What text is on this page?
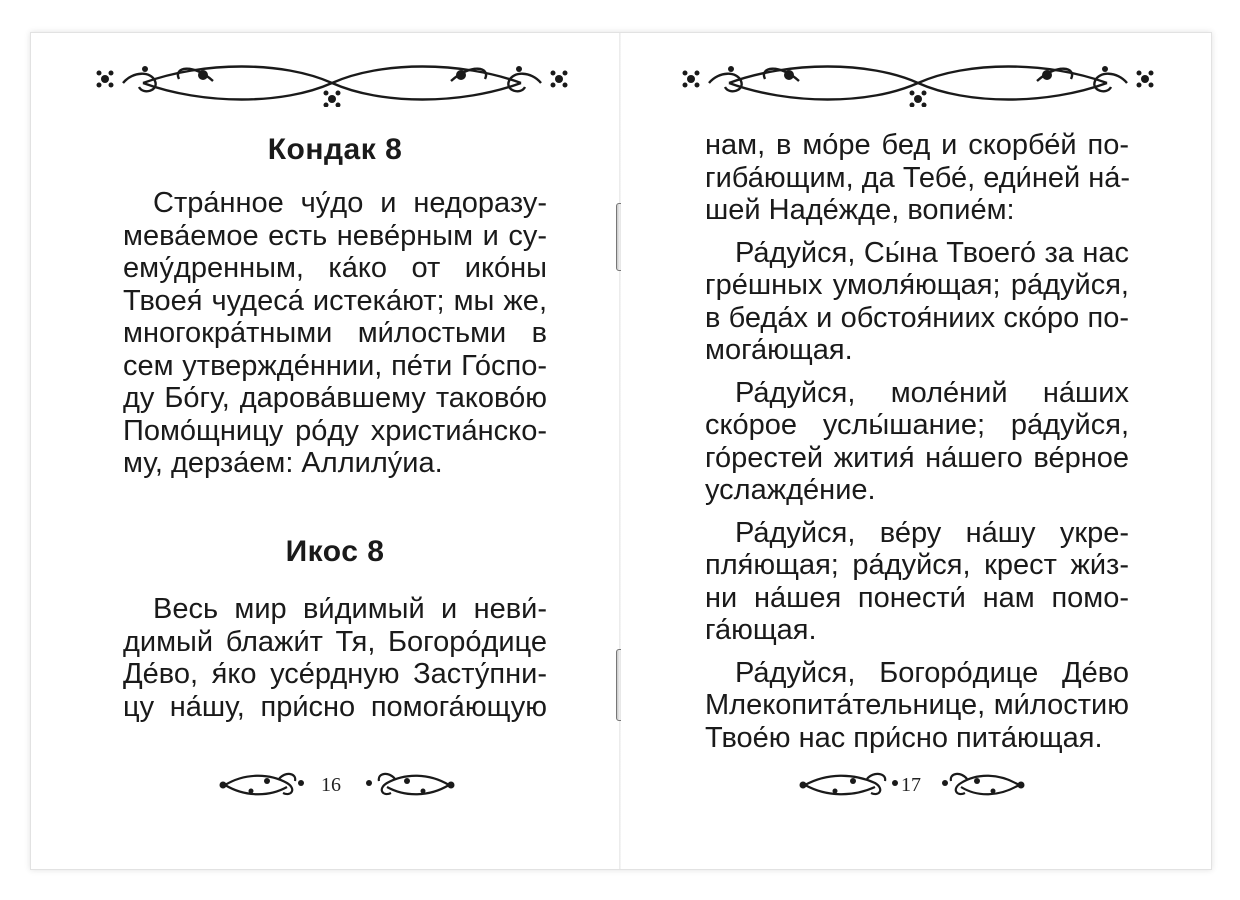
Кондак 8
Стра́нное чу́до и недоразу-
мева́емое есть неве́рным и су-
ему́дренным, ка́ко от ико́ны
Твоея́ чудеса́ истека́ют; мы же,
многокра́тными ми́лостьми в
сем утвержде́ннии, пе́ти Го́спо-
ду Бо́гу, дарова́вшему таково́ю
Помо́щницу ро́ду христиа́нско-
му, дерза́ем: Аллилу́иа.
Икос 8
Весь мир ви́димый и неви́-
димый блажи́т Тя, Богоро́дице
Де́во, я́ко усе́рдную Засту́пни-
цу на́шу, при́сно помога́ющую
16
нам, в мо́ре бед и скорбе́й по-
гиба́ющим, да Тебе́, еди́ней на́-
шей Наде́жде, вопие́м:
Ра́дуйся, Сы́на Твоего́ за нас
гре́шных умоля́ющая; ра́дуйся,
в беда́х и обстоя́ниих ско́ро по-
мога́ющая.
Ра́дуйся, моле́ний на́ших
ско́рое услы́шание; ра́дуйся,
го́рестей жития́ на́шего ве́рное
услажде́ние.
Ра́дуйся, ве́ру на́шу укре-
пля́ющая; ра́дуйся, крест жи́з-
ни на́шея понести́ нам помо-
га́ющая.
Ра́дуйся, Богоро́дице Де́во
Млекопита́тельнице, ми́лостию
Твое́ю нас при́сно пита́ющая.
17
